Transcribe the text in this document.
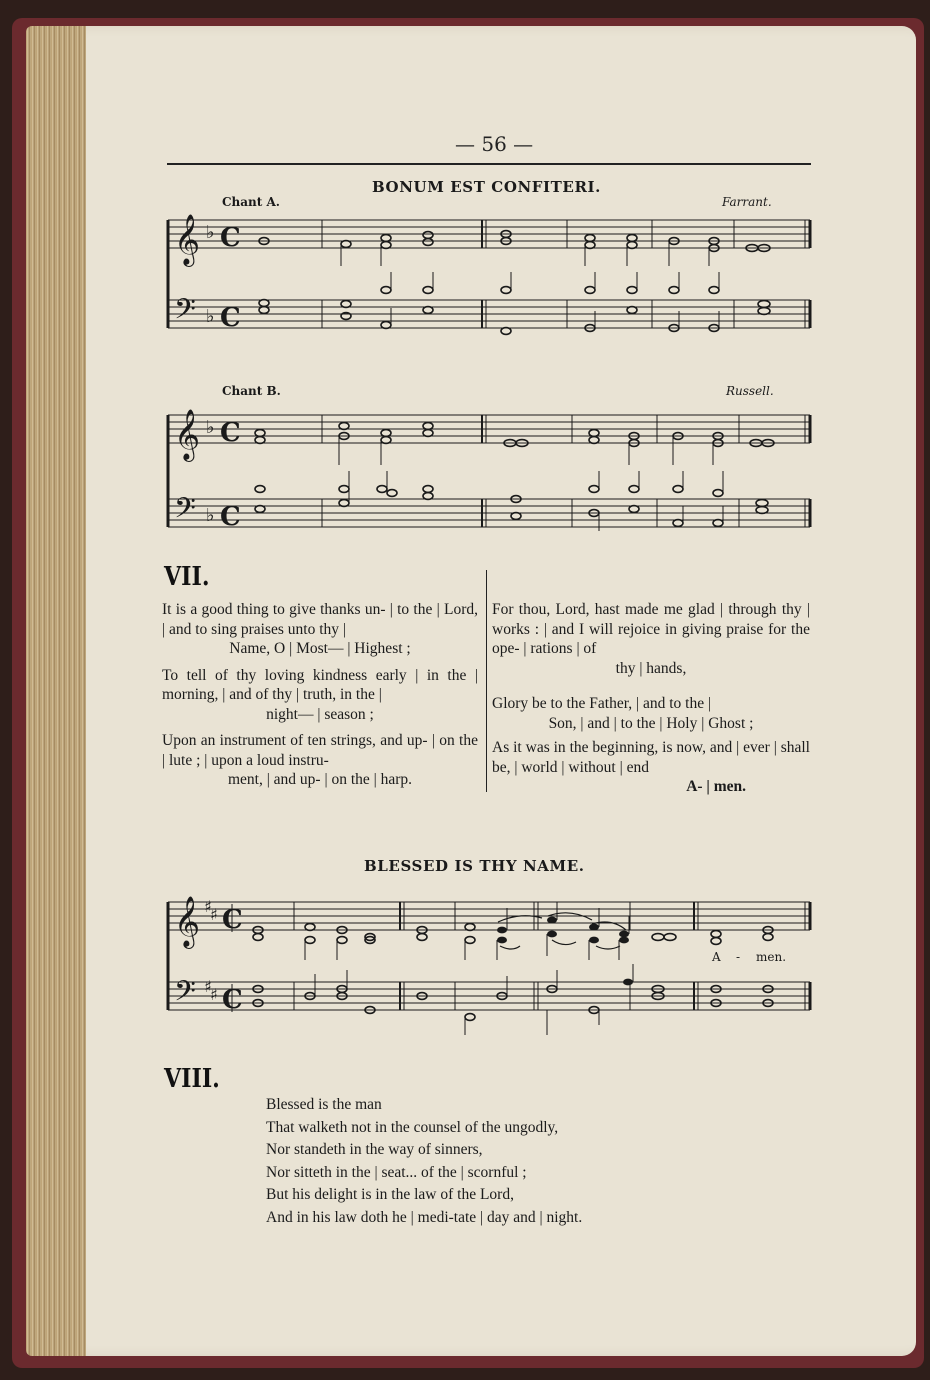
— 56 —
BONUM EST CONFITERI.
Chant A.	Farrant.
𝄞
𝄢
♭
♭
C
C
Chant B.	Russell.
𝄞
𝄢
♭
♭
C
C
VII.
It is a good thing to give thanks un- | to the | Lord, | and to sing praises unto thy |
Name, O | Most— | Highest ;
To tell of thy loving kindness early | in the | morning, | and of thy | truth, in the |
night— | season ;
Upon an instrument of ten strings, and up- | on the | lute ; | upon a loud instru-
ment, | and up- | on the | harp.
For thou, Lord, hast made me glad | through thy | works : | and I will rejoice in giving praise for the ope- | rations | of
thy | hands,
Glory be to the Father, | and to the |
Son, | and | to the | Holy | Ghost ;
As it was in the beginning, is now, and | ever | shall be, | world | without | end
A- | men.
BLESSED IS THY NAME.
𝄞
𝄢
♯
♯
♯
♯
C
C
A - men.
VIII.
Blessed is the man
That walketh not in the counsel of the ungodly,
Nor standeth in the way of sinners,
Nor sitteth in the | seat... of the | scornful ;
But his delight is in the law of the Lord,
And in his law doth he | medi-tate | day and | night.
